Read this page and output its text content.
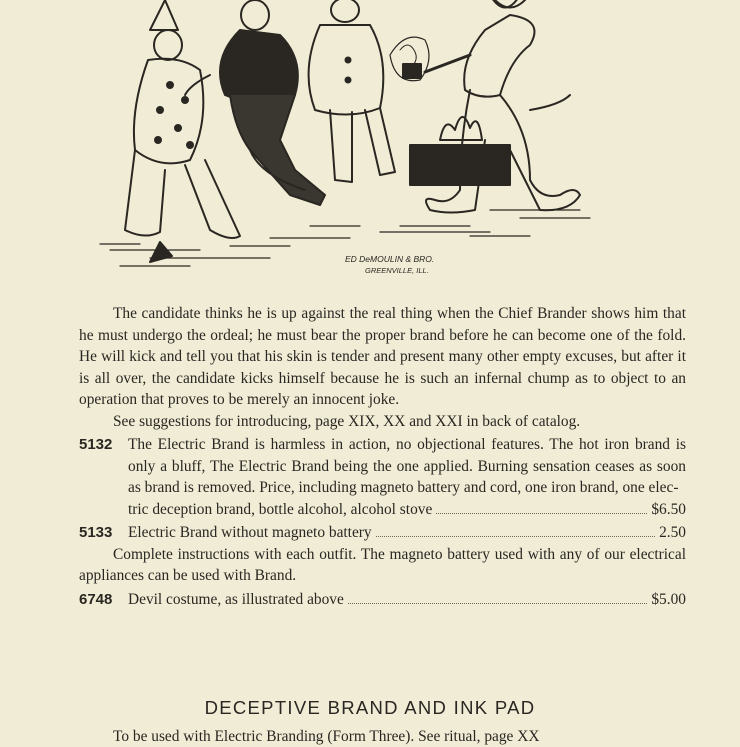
ED DeMOULIN & BRO.
GREENVILLE, ILL.

The candidate thinks he is up against the real thing when the Chief Brander shows him that he must undergo the ordeal; he must bear the proper brand before he can become one of the fold. He will kick and tell you that his skin is tender and present many other empty excuses, but after it is all over, the candidate kicks himself because he is such an infernal chump as to object to an operation that proves to be merely an innocent joke.

See suggestions for introducing, page XIX, XX and XXI in back of catalog.

5132	The Electric Brand is harmless in action, no objectional features. The hot iron brand is only a bluff, The Electric Brand being the one applied. Burning sensation ceases as soon as brand is removed. Price, including magneto battery and cord, one iron brand, one elec-
tric deception brand, bottle alcohol, alcohol stove	$6.50
5133	Electric Brand without magneto battery	2.50

Complete instructions with each outfit. The magneto battery used with any of our electrical appliances can be used with Brand.

6748	Devil costume, as illustrated above	$5.00
DECEPTIVE BRAND AND INK PAD
To be used with Electric Branding (Form Three). See ritual, page XX
